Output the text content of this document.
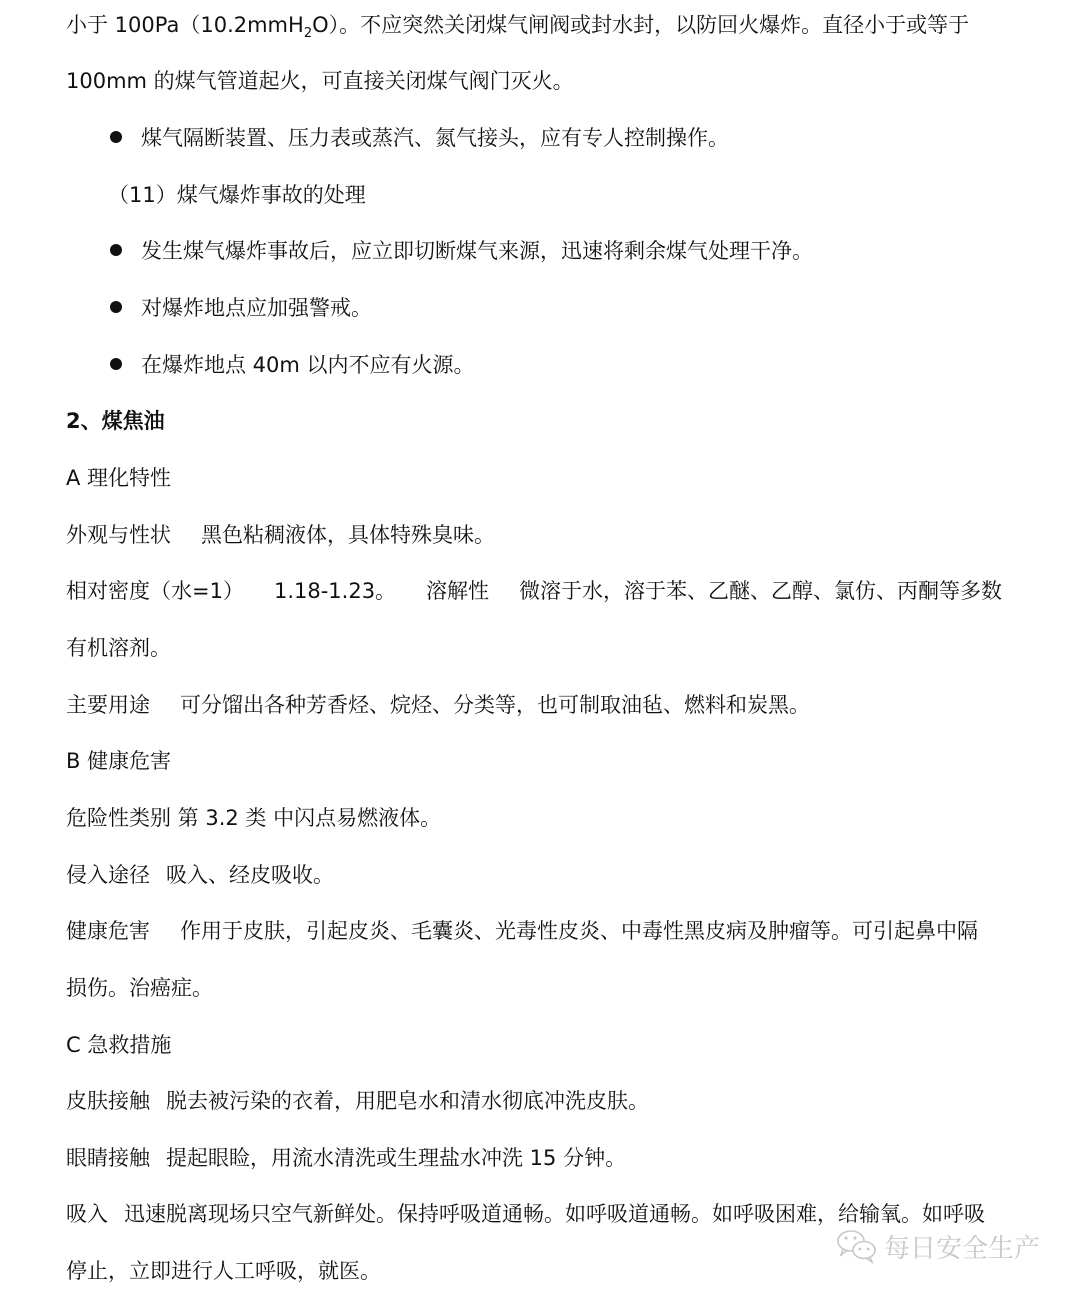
小于 100Pa（10.2mmH$_2$O）。不应突然关闭煤气闸阀或封水封，以防回火爆炸。直径小于或等于
100mm 的煤气管道起火，可直接关闭煤气阀门灭火。
煤气隔断装置、压力表或蒸汽、氮气接头，应有专人控制操作。
（11）煤气爆炸事故的处理
发生煤气爆炸事故后，应立即切断煤气来源，迅速将剩余煤气处理干净。
对爆炸地点应加强警戒。
在爆炸地点 40m 以内不应有火源。
2、煤焦油
A 理化特性
外观与性状 黑色粘稠液体，具体特殊臭味。
相对密度（水=1） 1.18-1.23。 溶解性 微溶于水，溶于苯、乙醚、乙醇、氯仿、丙酮等多数
有机溶剂。
主要用途 可分馏出各种芳香烃、烷烃、分类等，也可制取油毡、燃料和炭黑。
B 健康危害
危险性类别 第 3.2 类 中闪点易燃液体。
侵入途径 吸入、经皮吸收。
健康危害 作用于皮肤，引起皮炎、毛囊炎、光毒性皮炎、中毒性黑皮病及肿瘤等。可引起鼻中隔
损伤。治癌症。
C 急救措施
皮肤接触 脱去被污染的衣着，用肥皂水和清水彻底冲洗皮肤。
眼睛接触 提起眼睑，用流水清洗或生理盐水冲洗 15 分钟。
吸入 迅速脱离现场只空气新鲜处。保持呼吸道通畅。如呼吸道通畅。如呼吸困难，给输氧。如呼吸
停止，立即进行人工呼吸，就医。
每日安全生产
